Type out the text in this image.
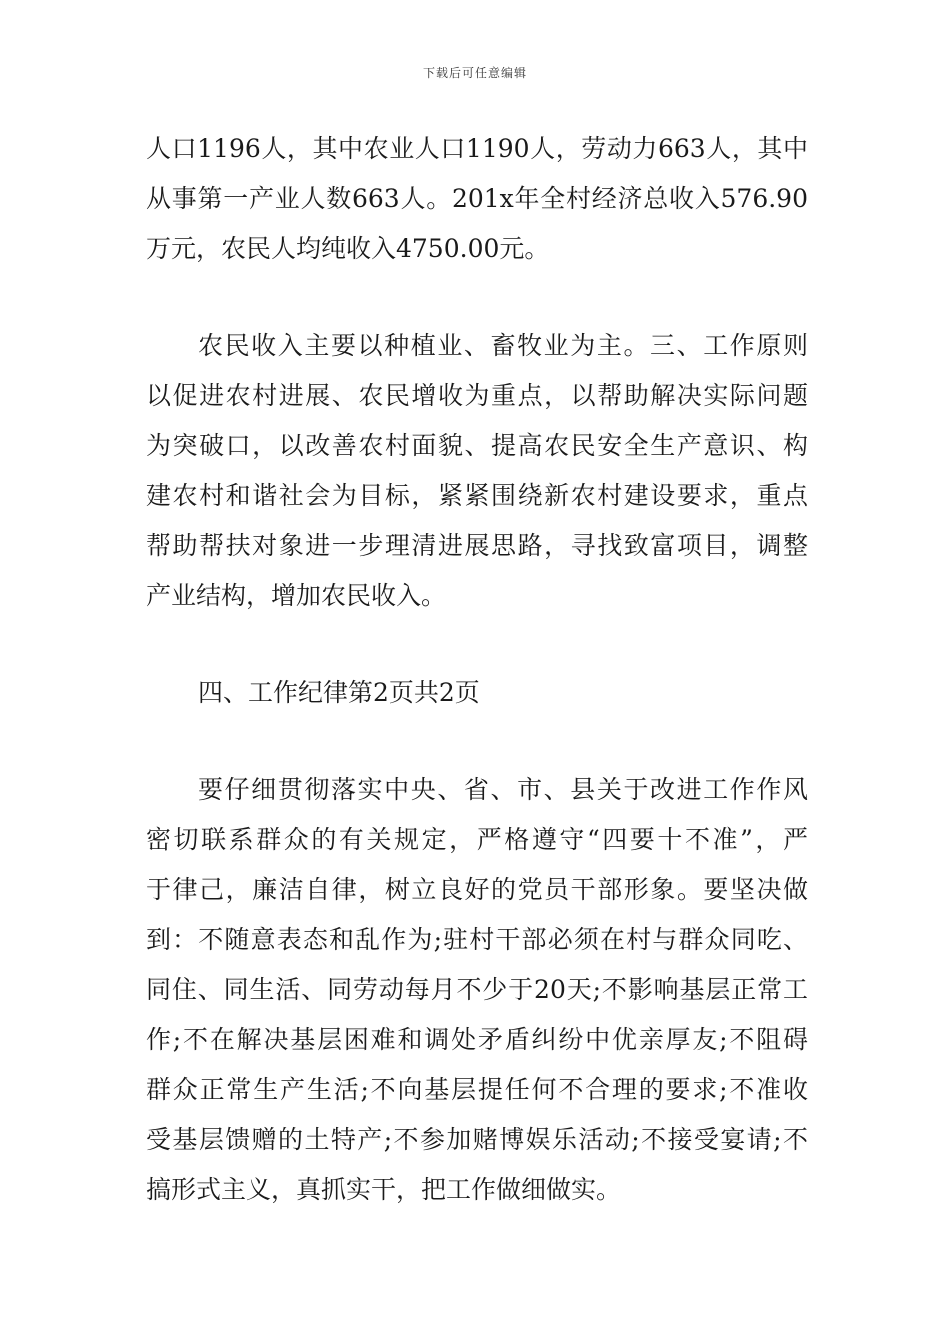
下载后可任意编辑
人口1196人，其中农业人口1190人，劳动力663人，其中
从事第一产业人数663人。201x年全村经济总收入576.90
万元，农民人均纯收入4750.00元。
农民收入主要以种植业、畜牧业为主。三、工作原则
以促进农村进展、农民增收为重点，以帮助解决实际问题
为突破口，以改善农村面貌、提高农民安全生产意识、构
建农村和谐社会为目标，紧紧围绕新农村建设要求，重点
帮助帮扶对象进一步理清进展思路，寻找致富项目，调整
产业结构，增加农民收入。
四、工作纪律第2页共2页
要仔细贯彻落实中央、省、市、县关于改进工作作风
密切联系群众的有关规定，严格遵守“四要十不准”，严
于律己，廉洁自律，树立良好的党员干部形象。要坚决做
到：不随意表态和乱作为;驻村干部必须在村与群众同吃、
同住、同生活、同劳动每月不少于20天;不影响基层正常工
作;不在解决基层困难和调处矛盾纠纷中优亲厚友;不阻碍
群众正常生产生活;不向基层提任何不合理的要求;不准收
受基层馈赠的土特产;不参加赌博娱乐活动;不接受宴请;不
搞形式主义，真抓实干，把工作做细做实。
